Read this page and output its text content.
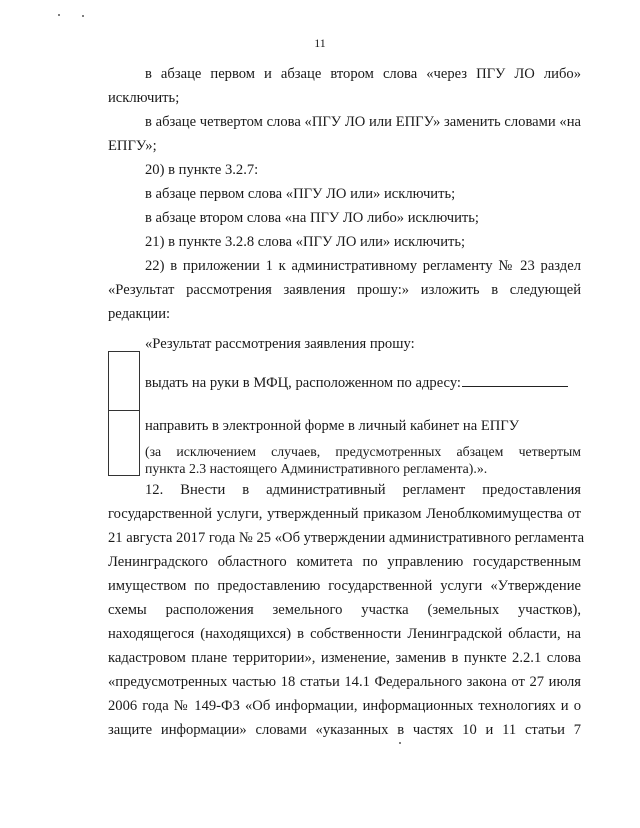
11
в абзаце первом и абзаце втором слова «через ПГУ ЛО либо»
исключить;
в абзаце четвертом слова «ПГУ ЛО или ЕПГУ» заменить словами «на
ЕПГУ»;
20) в пункте 3.2.7:
в абзаце первом слова «ПГУ ЛО или» исключить;
в абзаце втором слова «на ПГУ ЛО либо» исключить;
21) в пункте 3.2.8 слова «ПГУ ЛО или» исключить;
22) в приложении 1 к административному регламенту № 23 раздел
«Результат рассмотрения заявления прошу:» изложить в следующей
редакции:
«Результат рассмотрения заявления прошу:
выдать на руки в МФЦ, расположенном по адресу:
направить в электронной форме в личный кабинет на ЕПГУ
(за исключением случаев, предусмотренных абзацем четвертым
пункта 2.3 настоящего Административного регламента).».
12. Внести в административный регламент предоставления
государственной услуги, утвержденный приказом Леноблкомимущества от
21 августа 2017 года № 25 «Об утверждении административного регламента
Ленинградского областного комитета по управлению государственным
имуществом по предоставлению государственной услуги «Утверждение
схемы расположения земельного участка (земельных участков),
находящегося (находящихся) в собственности Ленинградской области, на
кадастровом плане территории», изменение, заменив в пункте 2.2.1 слова
«предусмотренных частью 18 статьи 14.1 Федерального закона от 27 июля
2006 года № 149-ФЗ «Об информации, информационных технологиях и о
защите информации» словами «указанных в частях 10 и 11 статьи 7
